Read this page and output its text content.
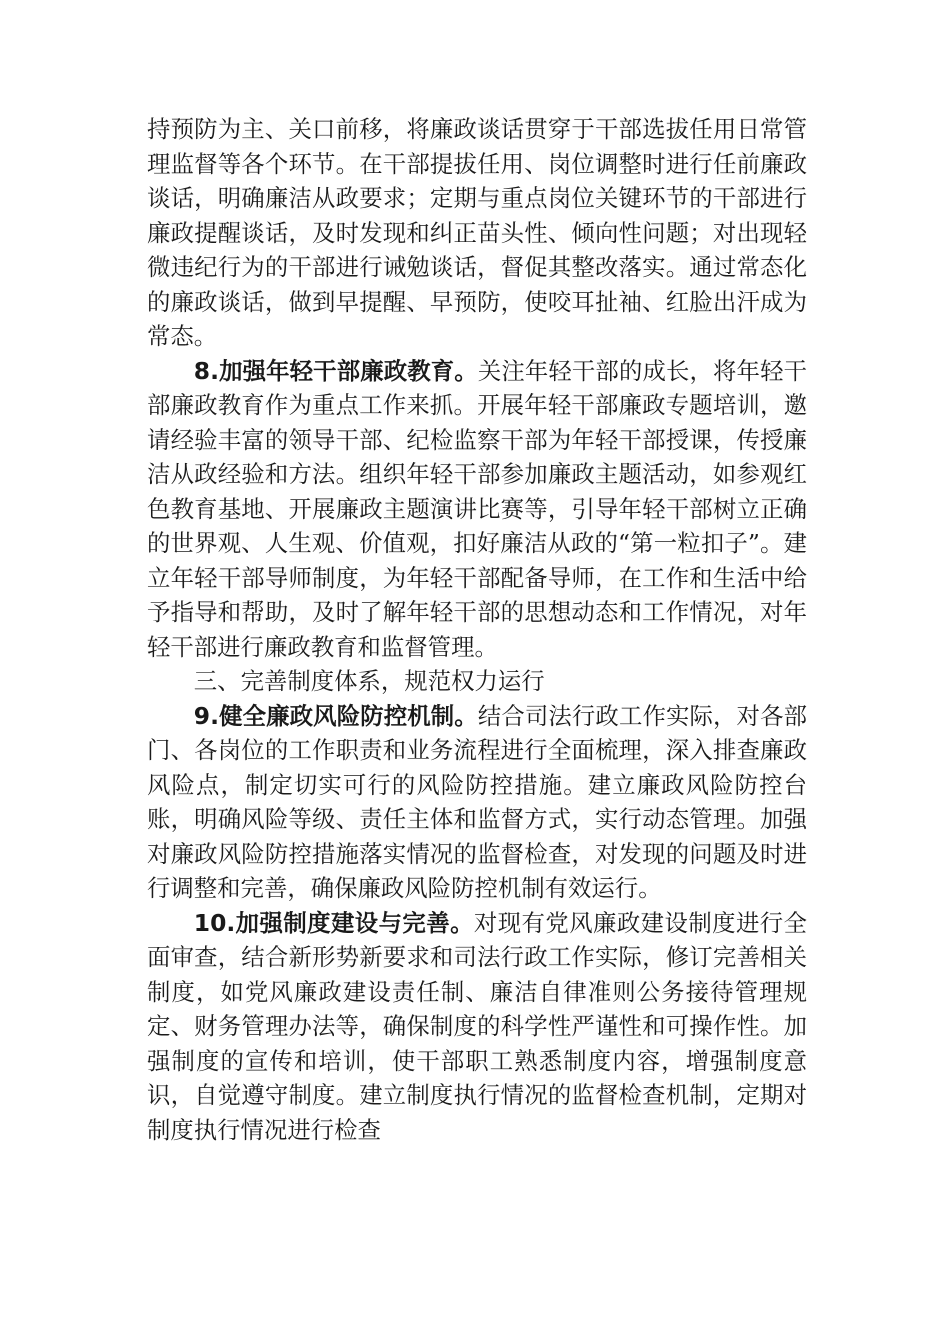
持预防为主、关口前移，将廉政谈话贯穿于干部选拔任用日常管理监督等各个环节。在干部提拔任用、岗位调整时进行任前廉政谈话，明确廉洁从政要求；定期与重点岗位关键环节的干部进行廉政提醒谈话，及时发现和纠正苗头性、倾向性问题；对出现轻微违纪行为的干部进行诫勉谈话，督促其整改落实。通过常态化的廉政谈话，做到早提醒、早预防，使咬耳扯袖、红脸出汗成为常态。

8.加强年轻干部廉政教育。关注年轻干部的成长，将年轻干部廉政教育作为重点工作来抓。开展年轻干部廉政专题培训，邀请经验丰富的领导干部、纪检监察干部为年轻干部授课，传授廉洁从政经验和方法。组织年轻干部参加廉政主题活动，如参观红色教育基地、开展廉政主题演讲比赛等，引导年轻干部树立正确的世界观、人生观、价值观，扣好廉洁从政的“第一粒扣子”。建立年轻干部导师制度，为年轻干部配备导师，在工作和生活中给予指导和帮助，及时了解年轻干部的思想动态和工作情况，对年轻干部进行廉政教育和监督管理。

三、完善制度体系，规范权力运行

9.健全廉政风险防控机制。结合司法行政工作实际，对各部门、各岗位的工作职责和业务流程进行全面梳理，深入排查廉政风险点，制定切实可行的风险防控措施。建立廉政风险防控台账，明确风险等级、责任主体和监督方式，实行动态管理。加强对廉政风险防控措施落实情况的监督检查，对发现的问题及时进行调整和完善，确保廉政风险防控机制有效运行。

10.加强制度建设与完善。对现有党风廉政建设制度进行全面审查，结合新形势新要求和司法行政工作实际，修订完善相关制度，如党风廉政建设责任制、廉洁自律准则公务接待管理规定、财务管理办法等，确保制度的科学性严谨性和可操作性。加强制度的宣传和培训，使干部职工熟悉制度内容，增强制度意识，自觉遵守制度。建立制度执行情况的监督检查机制，定期对制度执行情况进行检查
